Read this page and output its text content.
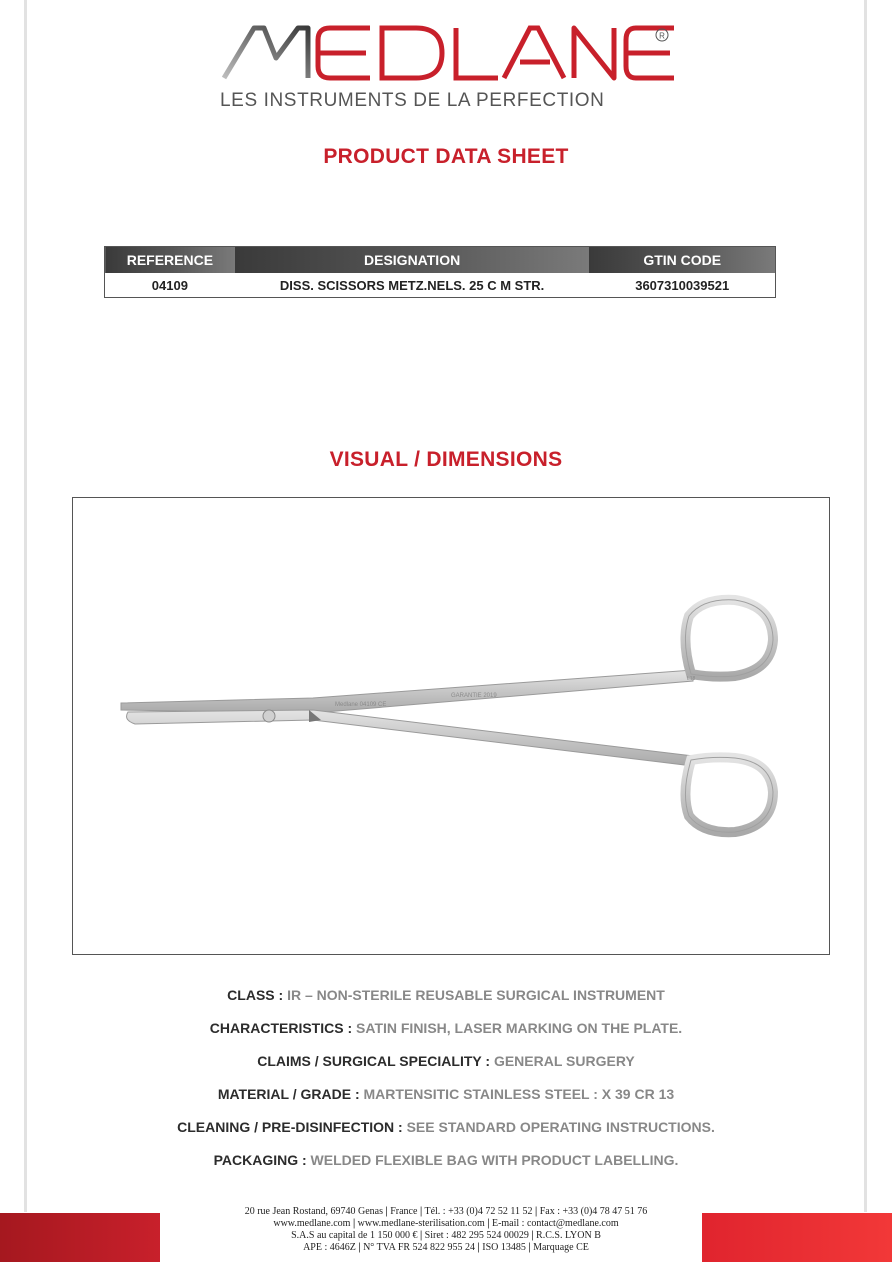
R
LES INSTRUMENTS DE LA PERFECTION
PRODUCT DATA SHEET
REFERENCE	DESIGNATION	GTIN CODE
04109	DISS. SCISSORS METZ.NELS. 25 C M STR.	3607310039521
VISUAL / DIMENSIONS
Medlane 04109 CE
GARANTIE 2019
L18
CLASS : IR – NON-STERILE REUSABLE SURGICAL INSTRUMENT
CHARACTERISTICS : SATIN FINISH, LASER MARKING ON THE PLATE.
CLAIMS / SURGICAL SPECIALITY : GENERAL SURGERY
MATERIAL / GRADE : MARTENSITIC STAINLESS STEEL : X 39 CR 13
CLEANING / PRE-DISINFECTION : SEE STANDARD OPERATING INSTRUCTIONS.
PACKAGING : WELDED FLEXIBLE BAG WITH PRODUCT LABELLING.
20 rue Jean Rostand, 69740 Genas | France | Tél. : +33 (0)4 72 52 11 52 | Fax : +33 (0)4 78 47 51 76
www.medlane.com | www.medlane-sterilisation.com | E-mail : contact@medlane.com
S.A.S au capital de 1 150 000 € | Siret : 482 295 524 00029 | R.C.S. LYON B
APE : 4646Z | N° TVA FR 524 822 955 24 | ISO 13485 | Marquage CE
